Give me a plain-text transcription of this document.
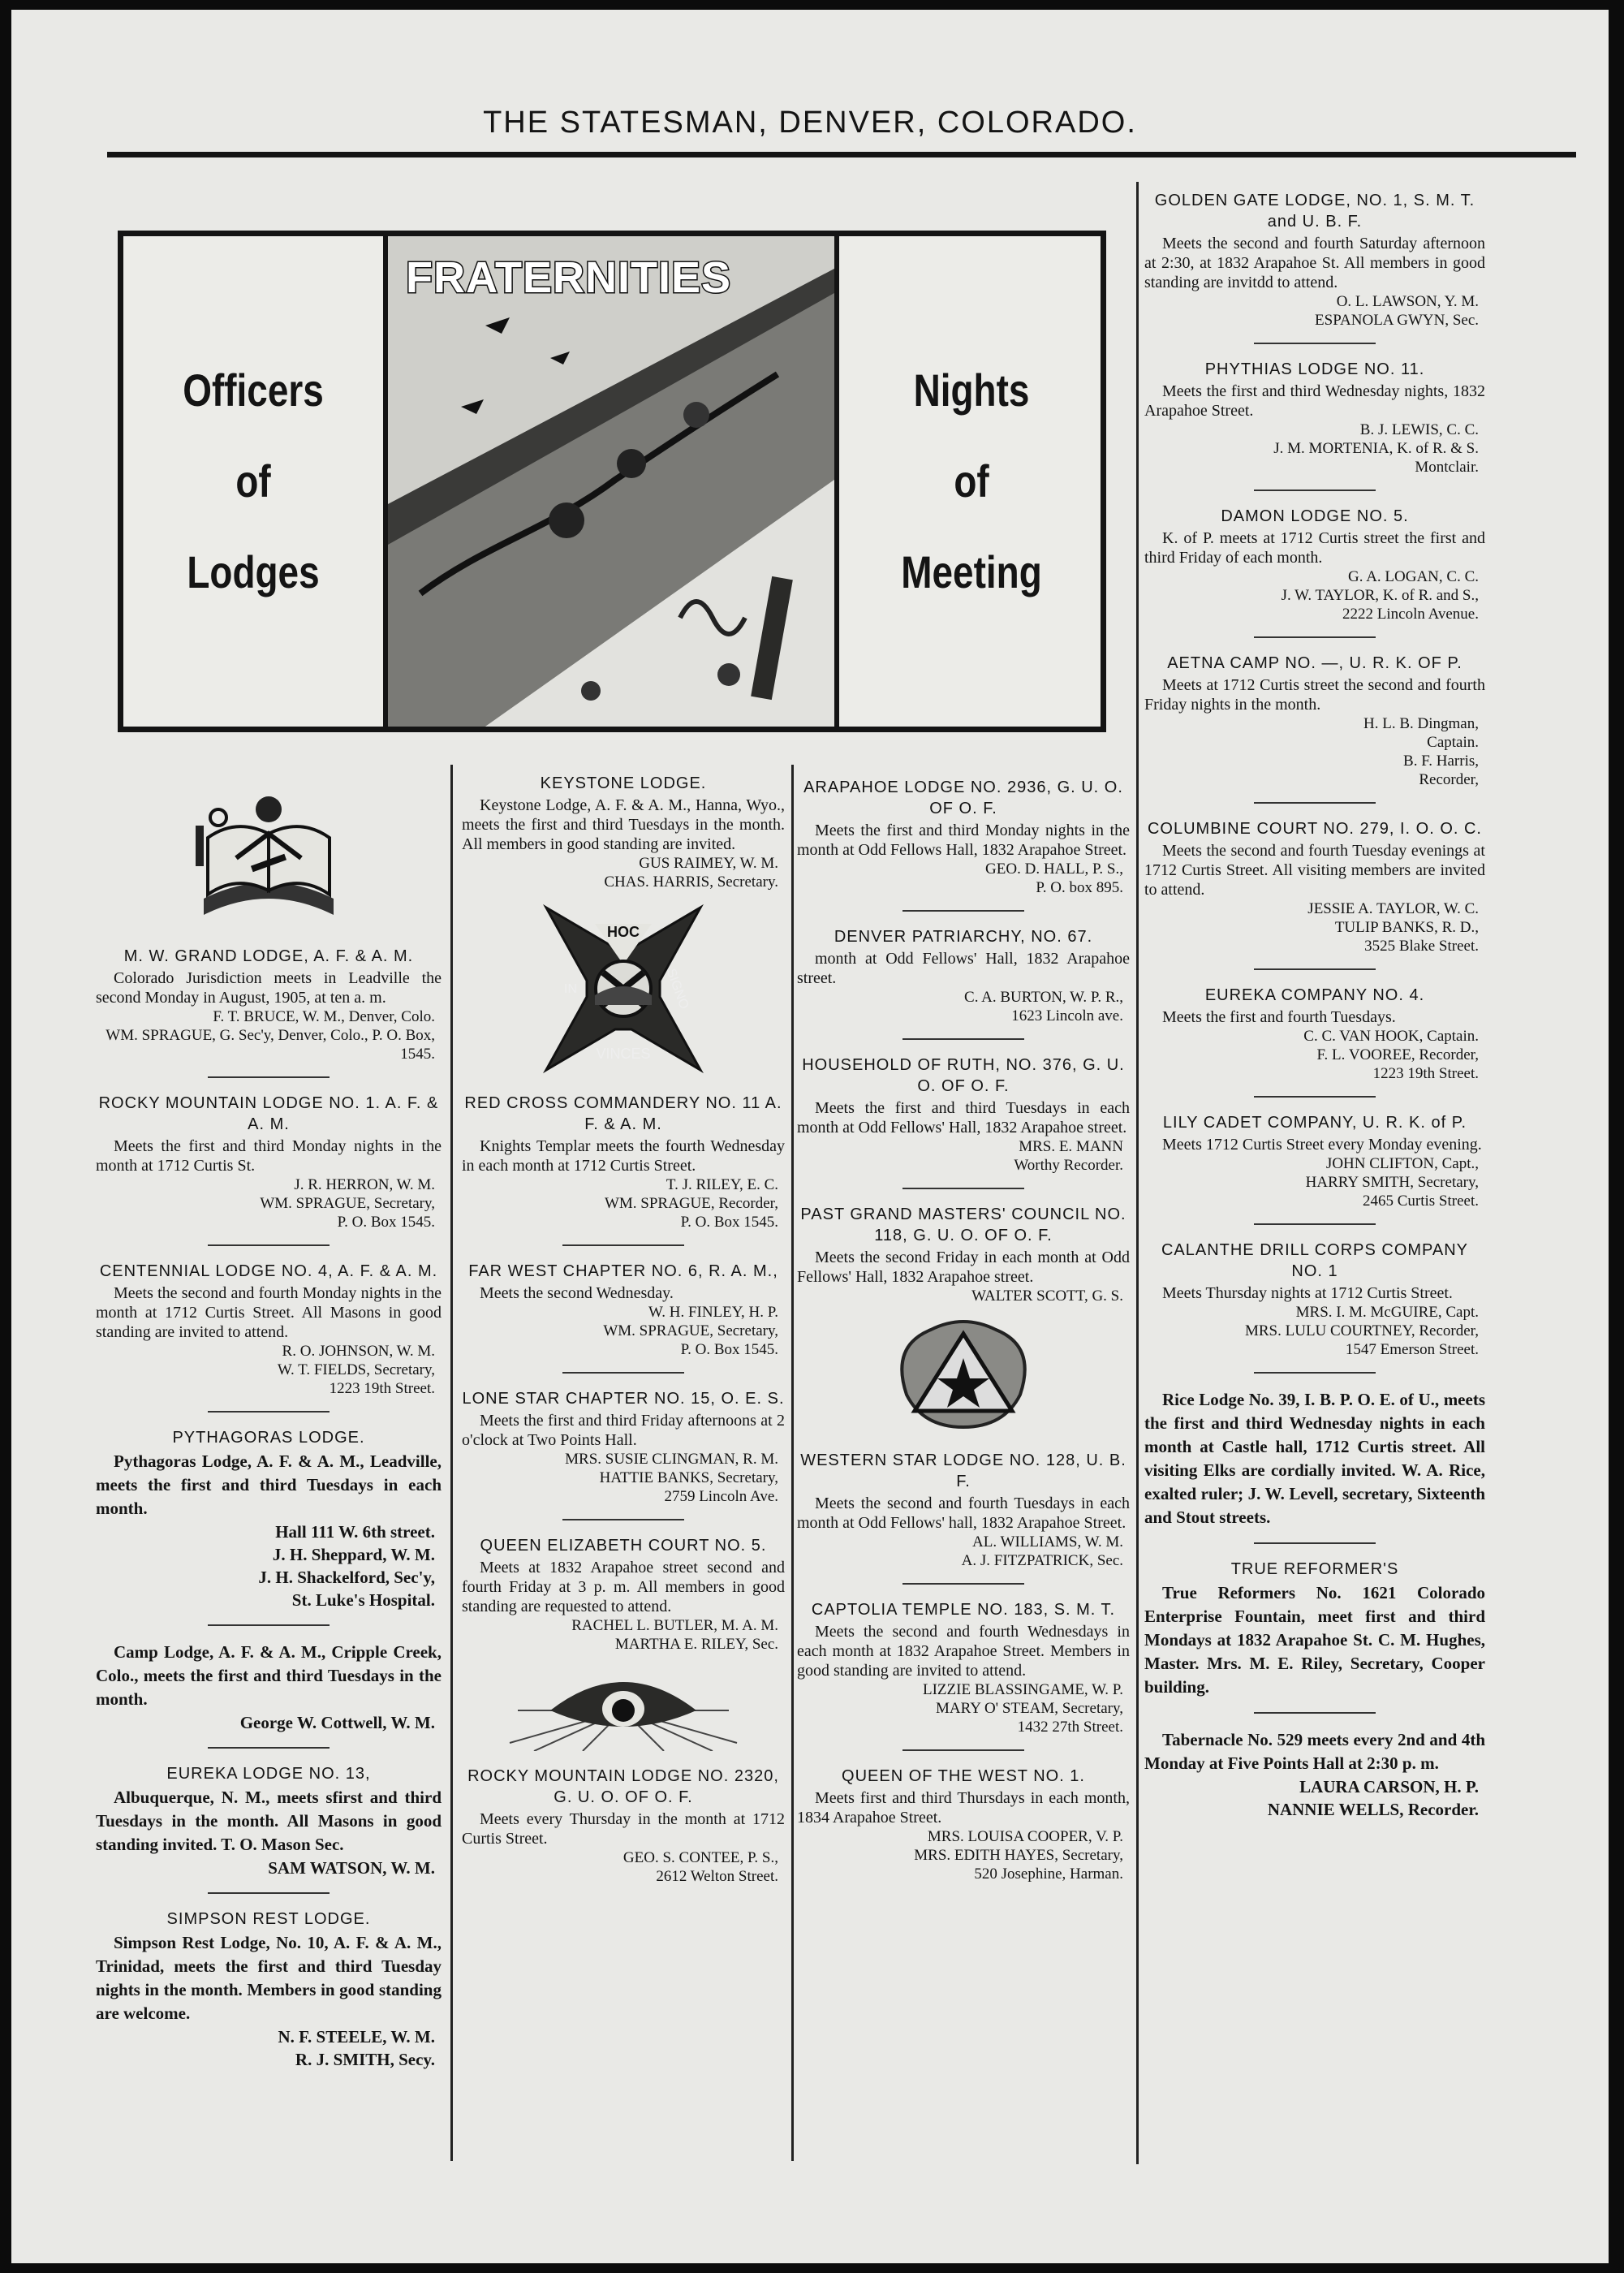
THE STATESMAN, DENVER, COLORADO.
Officers
of
Lodges
FRATERNITIES
Nights
of
Meeting
M. W. GRAND LODGE, A. F. & A. M.
Colorado Jurisdiction meets in Leadville the second Monday in August, 1905, at ten a. m.
F. T. BRUCE, W. M., Denver, Colo.
WM. SPRAGUE, G. Sec'y, Denver, Colo., P. O. Box, 1545.
ROCKY MOUNTAIN LODGE NO. 1. A. F. & A. M.
Meets the first and third Monday nights in the month at 1712 Curtis St.
J. R. HERRON, W. M.
WM. SPRAGUE, Secretary,
P. O. Box 1545.
CENTENNIAL LODGE NO. 4, A. F. & A. M.
Meets the second and fourth Monday nights in the month at 1712 Curtis Street. All Masons in good standing are invited to attend.
R. O. JOHNSON, W. M.
W. T. FIELDS, Secretary,
1223 19th Street.
PYTHAGORAS LODGE.
Pythagoras Lodge, A. F. & A. M., Leadville, meets the first and third Tuesdays in each month.
Hall 111 W. 6th street.
J. H. Sheppard, W. M.
J. H. Shackelford, Sec'y,
St. Luke's Hospital.
Camp Lodge, A. F. & A. M., Cripple Creek, Colo., meets the first and third Tuesdays in the month.
George W. Cottwell, W. M.
EUREKA LODGE NO. 13,
Albuquerque, N. M., meets sfirst and third Tuesdays in the month. All Masons in good standing invited. T. O. Mason Sec.
SAM WATSON, W. M.
SIMPSON REST LODGE.
Simpson Rest Lodge, No. 10, A. F. & A. M., Trinidad, meets the first and third Tuesday nights in the month. Members in good standing are welcome.
N. F. STEELE, W. M.
R. J. SMITH, Secy.
KEYSTONE LODGE.
Keystone Lodge, A. F. & A. M., Hanna, Wyo., meets the first and third Tuesdays in the month. All members in good standing are invited.
GUS RAIMEY, W. M.
CHAS. HARRIS, Secretary.
HOC
IN	SIGNO
VINCES
RED CROSS COMMANDERY NO. 11 A. F. & A. M.
Knights Templar meets the fourth Wednesday in each month at 1712 Curtis Street.
T. J. RILEY, E. C.
WM. SPRAGUE, Recorder,
P. O. Box 1545.
FAR WEST CHAPTER NO. 6, R. A. M.,
Meets the second Wednesday.
W. H. FINLEY, H. P.
WM. SPRAGUE, Secretary,
P. O. Box 1545.
LONE STAR CHAPTER NO. 15, O. E. S.
Meets the first and third Friday afternoons at 2 o'clock at Two Points Hall.
MRS. SUSIE CLINGMAN, R. M.
HATTIE BANKS, Secretary,
2759 Lincoln Ave.
QUEEN ELIZABETH COURT NO. 5.
Meets at 1832 Arapahoe street second and fourth Friday at 3 p. m. All members in good standing are requested to attend.
RACHEL L. BUTLER, M. A. M.
MARTHA E. RILEY, Sec.
ROCKY MOUNTAIN LODGE NO. 2320, G. U. O. OF O. F.
Meets every Thursday in the month at 1712 Curtis Street.
GEO. S. CONTEE, P. S.,
2612 Welton Street.
ARAPAHOE LODGE NO. 2936, G. U. O. OF O. F.
Meets the first and third Monday nights in the month at Odd Fellows Hall, 1832 Arapahoe Street.
GEO. D. HALL, P. S.,
P. O. box 895.
DENVER PATRIARCHY, NO. 67.
month at Odd Fellows' Hall, 1832 Arapahoe street.
C. A. BURTON, W. P. R.,
1623 Lincoln ave.
HOUSEHOLD OF RUTH, NO. 376, G. U. O. OF O. F.
Meets the first and third Tuesdays in each month at Odd Fellows' Hall, 1832 Arapahoe street.
MRS. E. MANN
Worthy Recorder.
PAST GRAND MASTERS' COUNCIL NO. 118, G. U. O. OF O. F.
Meets the second Friday in each month at Odd Fellows' Hall, 1832 Arapahoe street.
WALTER SCOTT, G. S.
WESTERN STAR LODGE NO. 128, U. B. F.
Meets the second and fourth Tuesdays in each month at Odd Fellows' hall, 1832 Arapahoe Street.
AL. WILLIAMS, W. M.
A. J. FITZPATRICK, Sec.
CAPTOLIA TEMPLE NO. 183, S. M. T.
Meets the second and fourth Wednesdays in each month at 1832 Arapahoe Street. Members in good standing are invited to attend.
LIZZIE BLASSINGAME, W. P.
MARY O' STEAM, Secretary,
1432 27th Street.
QUEEN OF THE WEST NO. 1.
Meets first and third Thursdays in each month, 1834 Arapahoe Street.
MRS. LOUISA COOPER, V. P.
MRS. EDITH HAYES, Secretary,
520 Josephine, Harman.
GOLDEN GATE LODGE, NO. 1, S. M. T. and U. B. F.
Meets the second and fourth Saturday afternoon at 2:30, at 1832 Arapahoe St. All members in good standing are invitdd to attend.
O. L. LAWSON, Y. M.
ESPANOLA GWYN, Sec.
PHYTHIAS LODGE NO. 11.
Meets the first and third Wednesday nights, 1832 Arapahoe Street.
B. J. LEWIS, C. C.
J. M. MORTENIA, K. of R. & S.
Montclair.
DAMON LODGE NO. 5.
K. of P. meets at 1712 Curtis street the first and third Friday of each month.
G. A. LOGAN, C. C.
J. W. TAYLOR, K. of R. and S.,
2222 Lincoln Avenue.
AETNA CAMP NO. —, U. R. K. OF P.
Meets at 1712 Curtis street the second and fourth Friday nights in the month.
H. L. B. Dingman,
Captain.
B. F. Harris,
Recorder,
COLUMBINE COURT NO. 279, I. O. O. C.
Meets the second and fourth Tuesday evenings at 1712 Curtis Street. All visiting members are invited to attend.
JESSIE A. TAYLOR, W. C.
TULIP BANKS, R. D.,
3525 Blake Street.
EUREKA COMPANY NO. 4.
Meets the first and fourth Tuesdays.
C. C. VAN HOOK, Captain.
F. L. VOOREE, Recorder,
1223 19th Street.
LILY CADET COMPANY, U. R. K. of P.
Meets 1712 Curtis Street every Monday evening.
JOHN CLIFTON, Capt.,
HARRY SMITH, Secretary,
2465 Curtis Street.
CALANTHE DRILL CORPS COMPANY NO. 1
Meets Thursday nights at 1712 Curtis Street.
MRS. I. M. McGUIRE, Capt.
MRS. LULU COURTNEY, Recorder,
1547 Emerson Street.
Rice Lodge No. 39, I. B. P. O. E. of U., meets the first and third Wednesday nights in each month at Castle hall, 1712 Curtis street. All visiting Elks are cordially invited. W. A. Rice, exalted ruler; J. W. Levell, secretary, Sixteenth and Stout streets.
TRUE REFORMER'S
True Reformers No. 1621 Colorado Enterprise Fountain, meet first and third Mondays at 1832 Arapahoe St. C. M. Hughes, Master. Mrs. M. E. Riley, Secretary, Cooper building.
Tabernacle No. 529 meets every 2nd and 4th Monday at Five Points Hall at 2:30 p. m.
LAURA CARSON, H. P.
NANNIE WELLS, Recorder.
